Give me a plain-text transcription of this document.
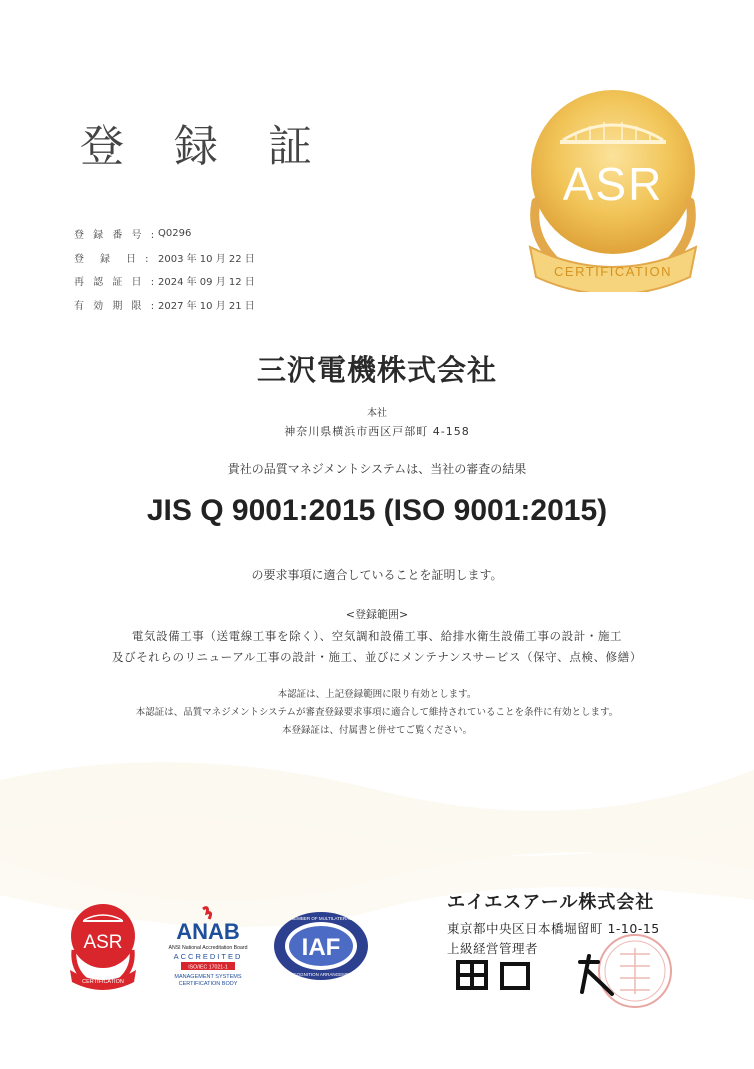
登 録 証
ASR
CERTIFICATION
登 録 番 号 : Q0296
登　録　日 : 2003 年 10 月 22 日
再 認 証 日 : 2024 年 09 月 12 日
有 効 期 限 : 2027 年 10 月 21 日
三沢電機株式会社
本社
神奈川県横浜市西区戸部町 4-158
貴社の品質マネジメントシステムは、当社の審査の結果
JIS Q 9001:2015 (ISO 9001:2015)
の要求事項に適合していることを証明します。
<登録範囲>
電気設備工事（送電線工事を除く）、空気調和設備工事、給排水衛生設備工事の設計・施工
及びそれらのリニューアル工事の設計・施工、並びにメンテナンスサービス（保守、点検、修繕）
本認証は、上記登録範囲に限り有効とします。
本認証は、品質マネジメントシステムが審査登録要求事項に適合して維持されていることを条件に有効とします。
本登録証は、付属書と併せてご覧ください。
ASR
CERTIFICATION
ANAB
ANSI National Accreditation Board
ACCREDITED
ISO/IEC 17021-1
MANAGEMENT SYSTEMS
CERTIFICATION BODY
IAF
MEMBER OF MULTILATERAL
RECOGNITION ARRANGEMENT
エイエスアール株式会社
東京都中央区日本橋堀留町 1-10-15
上級経営管理者
